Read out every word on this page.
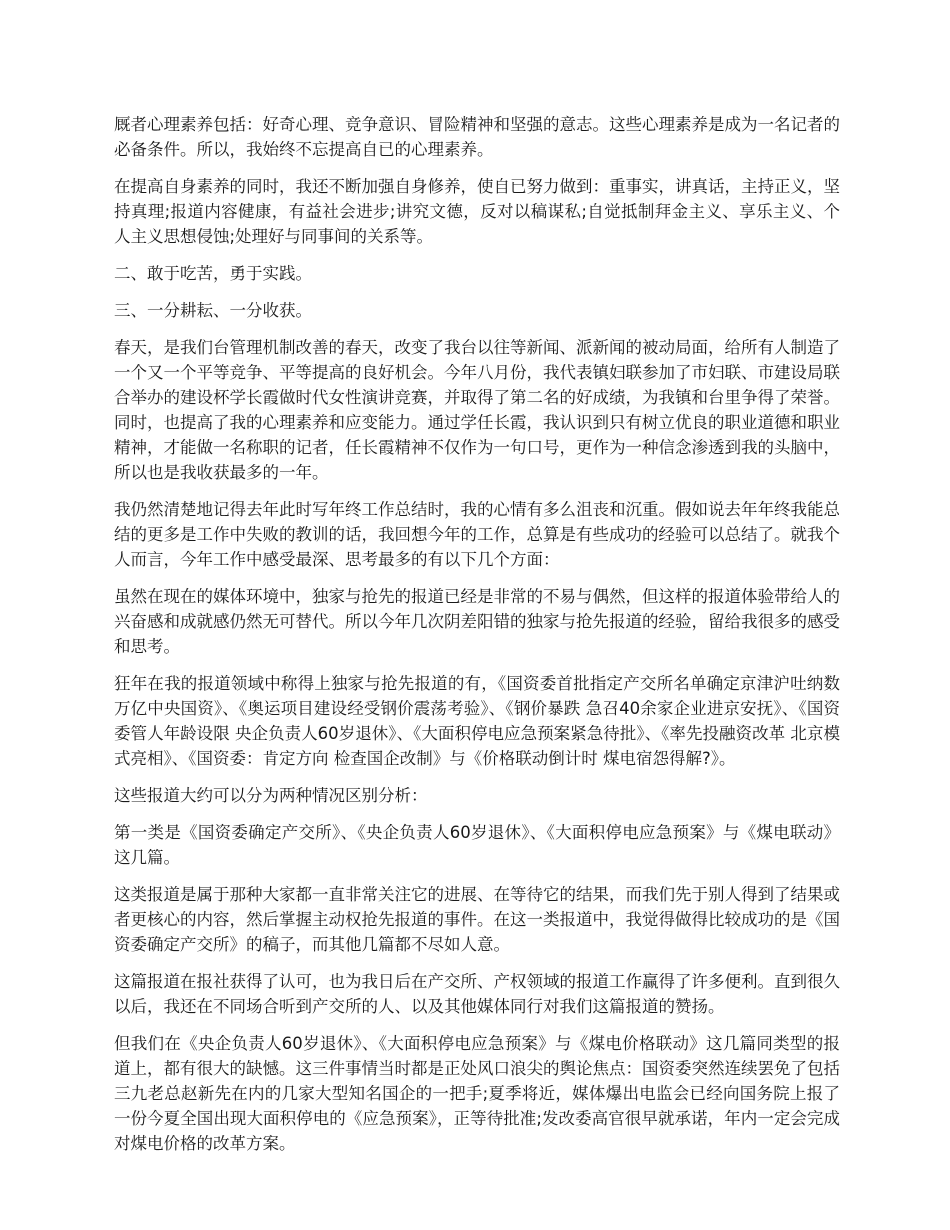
厩者心理素养包括：好奇心理、竞争意识、冒险精神和坚强的意志。这些心理素养是成为一名记者的必备条件。所以，我始终不忘提高自已的心理素养。

在提高自身素养的同时，我还不断加强自身修养，使自已努力做到：重事实，讲真话，主持正义，坚持真理;报道内容健康，有益社会进步;讲究文德，反对以稿谋私;自觉抵制拜金主义、享乐主义、个人主义思想侵蚀;处理好与同事间的关系等。

二、敢于吃苦，勇于实践。

三、一分耕耘、一分收获。

春天，是我们台管理机制改善的春天，改变了我台以往等新闻、派新闻的被动局面，给所有人制造了一个又一个平等竞争、平等提高的良好机会。今年八月份，我代表镇妇联参加了市妇联、市建设局联合举办的建设杯学长霞做时代女性演讲竞赛，并取得了第二名的好成绩，为我镇和台里争得了荣誉。同时，也提高了我的心理素养和应变能力。通过学任长霞，我认识到只有树立优良的职业道德和职业精神，才能做一名称职的记者，任长霞精神不仅作为一句口号，更作为一种信念渗透到我的头脑中，所以也是我收获最多的一年。

我仍然清楚地记得去年此时写年终工作总结时，我的心情有多么沮丧和沉重。假如说去年年终我能总结的更多是工作中失败的教训的话，我回想今年的工作，总算是有些成功的经验可以总结了。就我个人而言，今年工作中感受最深、思考最多的有以下几个方面：

虽然在现在的媒体环境中，独家与抢先的报道已经是非常的不易与偶然，但这样的报道体验带给人的兴奋感和成就感仍然无可替代。所以今年几次阴差阳错的独家与抢先报道的经验，留给我很多的感受和思考。

狂年在我的报道领域中称得上独家与抢先报道的有，《国资委首批指定产交所名单确定京津沪吐纳数万亿中央国资》、《奥运项目建设经受钢价震荡考验》、《钢价暴跌 急召40余家企业进京安抚》、《国资委管人年龄设限 央企负责人60岁退休》、《大面积停电应急预案紧急待批》、《率先投融资改革 北京模式亮相》、《国资委：肯定方向 检查国企改制》与《价格联动倒计时 煤电宿怨得解?》。

这些报道大约可以分为两种情况区别分析：

第一类是《国资委确定产交所》、《央企负责人60岁退休》、《大面积停电应急预案》与《煤电联动》这几篇。

这类报道是属于那种大家都一直非常关注它的进展、在等待它的结果，而我们先于别人得到了结果或者更核心的内容，然后掌握主动权抢先报道的事件。在这一类报道中，我觉得做得比较成功的是《国资委确定产交所》的稿子，而其他几篇都不尽如人意。

这篇报道在报社获得了认可，也为我日后在产交所、产权领域的报道工作赢得了许多便利。直到很久以后，我还在不同场合听到产交所的人、以及其他媒体同行对我们这篇报道的赞扬。

但我们在《央企负责人60岁退休》、《大面积停电应急预案》与《煤电价格联动》这几篇同类型的报道上，都有很大的缺憾。这三件事情当时都是正处风口浪尖的舆论焦点：国资委突然连续罢免了包括三九老总赵新先在内的几家大型知名国企的一把手;夏季将近，媒体爆出电监会已经向国务院上报了一份今夏全国出现大面积停电的《应急预案》，正等待批准;发改委高官很早就承诺，年内一定会完成对煤电价格的改革方案。
